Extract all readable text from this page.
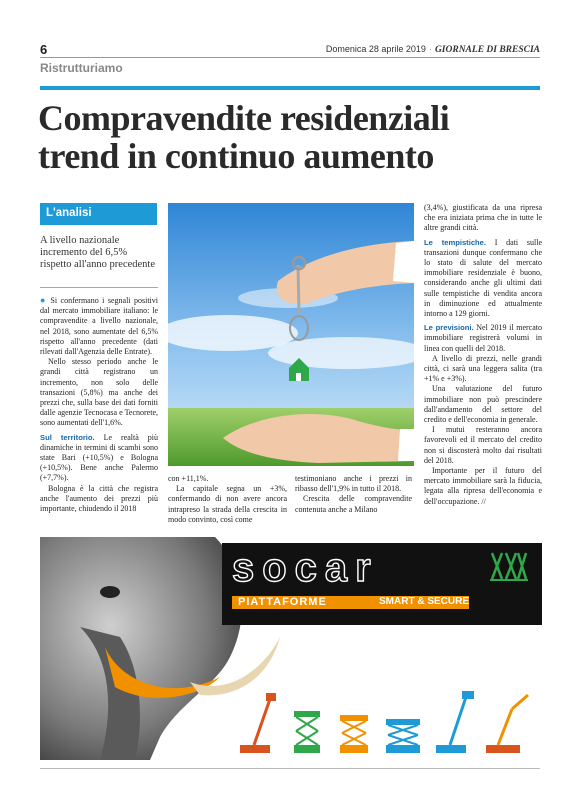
6	Domenica 28 aprile 2019 · GIORNALE DI BRESCIA
Ristrutturiamo
Compravendite residenziali
trend in continuo aumento
L'analisi
A livello nazionale incremento del 6,5% rispetto all'anno precedente

● Si confermano i segnali positivi dal mercato immobiliare italiano: le compravendite a livello nazionale, nel 2018, sono aumentate del 6,5% rispetto all'anno precedente (dati rilevati dall'Agenzia delle Entrate).

Nello stesso periodo anche le grandi città registrano un incremento, non solo delle transazioni (5,8%) ma anche dei prezzi che, sulla base dei dati forniti dalle agenzie Tecnocasa e Tecnorete, sono aumentati dell'1,6%.

Sul territorio. Le realtà più dinamiche in termini di scambi sono state Bari (+10,5%) e Bologna (+10,5%). Bene anche Palermo (+7,7%).

Bologna è la città che registra anche l'aumento dei prezzi più importante, chiudendo il 2018

con +11,1%.

La capitale segna un +3%, confermando di non avere ancora intrapreso la strada della crescita in modo convinto, così come

testimoniano anche i prezzi in ribasso dell'1,9% in tutto il 2018.

Crescita delle compravendite contenuta anche a Milano

(3,4%), giustificata da una ripresa che era iniziata prima che in tutte le altre grandi città.

Le tempistiche. I dati sulle transazioni dunque confermano che lo stato di salute del mercato immobiliare residenziale è buono, considerando anche gli ultimi dati sulle tempistiche di vendita ancora in diminuzione ed attualmente intorno a 129 giorni.

Le previsioni. Nel 2019 il mercato immobiliare registrerà volumi in linea con quelli del 2018.

A livello di prezzi, nelle grandi città, ci sarà una leggera salita (tra +1% e +3%).

Una valutazione del futuro immobiliare non può prescindere dall'andamento del settore del credito e dell'economia in generale.

I mutui resteranno ancora favorevoli ed il mercato del credito non si discosterà molto dai risultati del 2018.

Importante per il futuro del mercato immobiliare sarà la fiducia, legata alla ripresa dell'economia e dell'occupazione. //

socar
PIATTAFORME	SMART & SECURE
